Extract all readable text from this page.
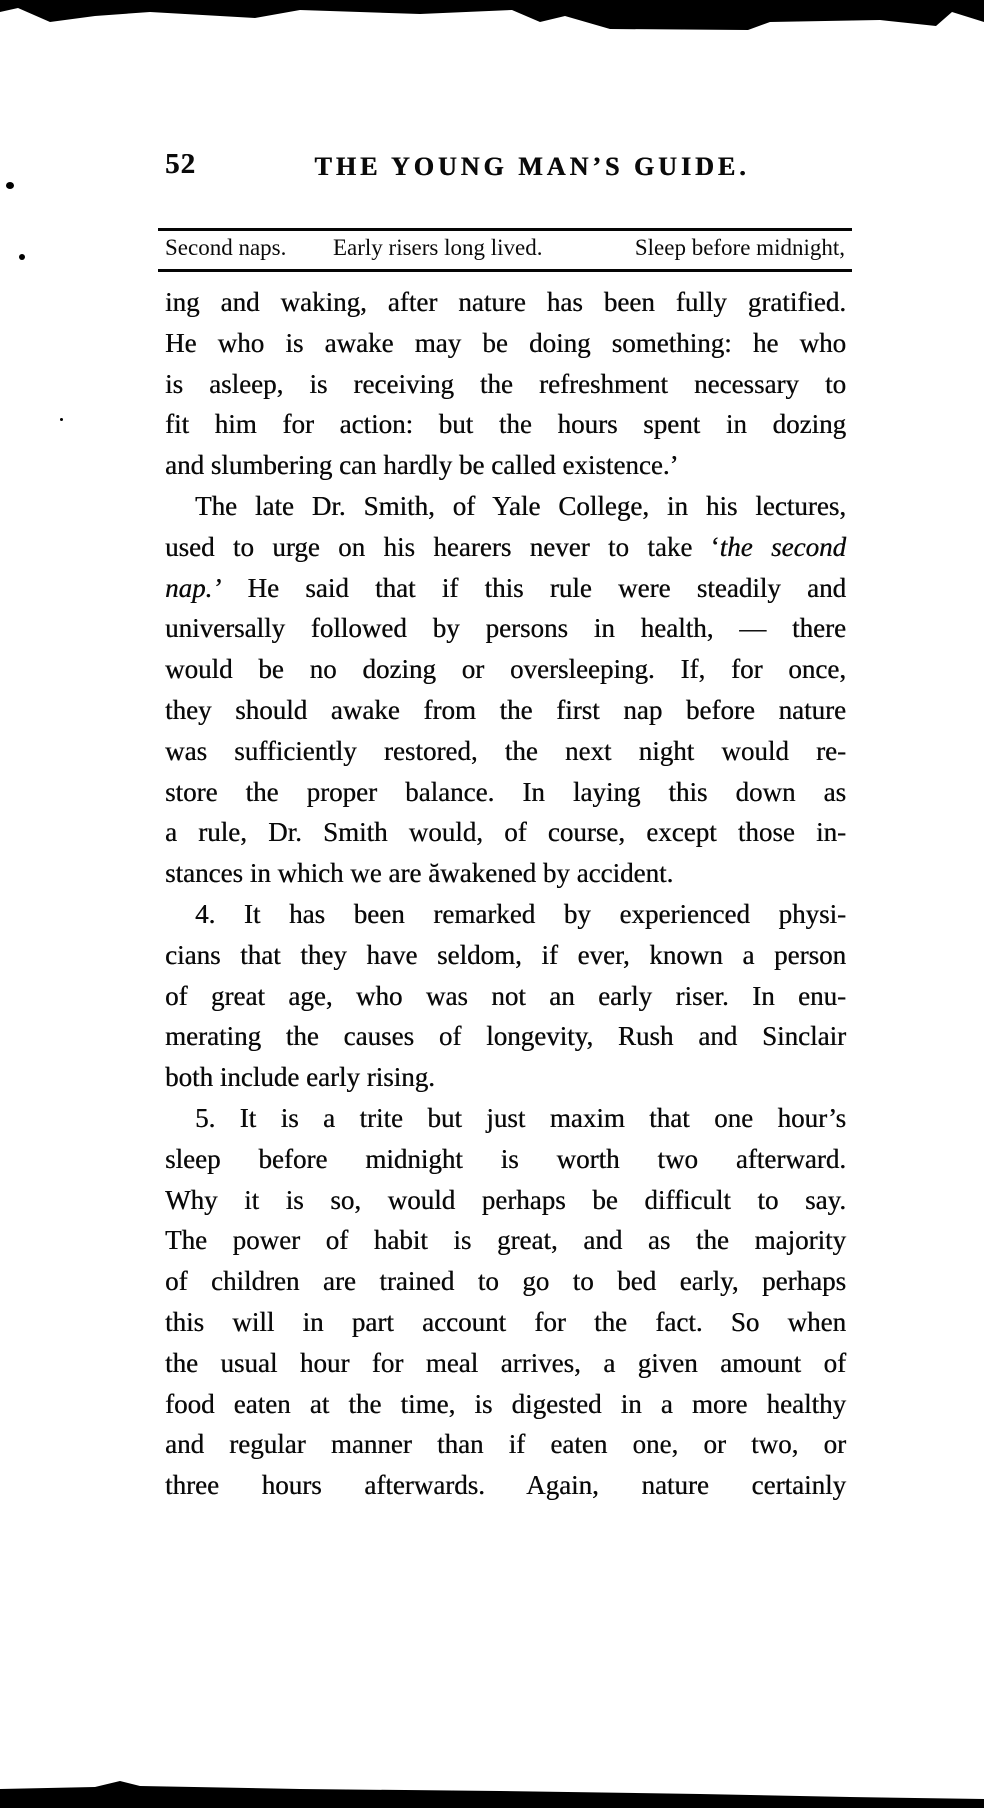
52	THE YOUNG MAN’S GUIDE.
Second naps. Early risers long lived.	Sleep before midnight,
ing and waking, after nature has been fully gratified.
He who is awake may be doing something: he who
is asleep, is receiving the refreshment necessary to
fit him for action: but the hours spent in dozing
and slumbering can hardly be called existence.’
The late Dr. Smith, of Yale College, in his lectures,
used to urge on his hearers never to take ‘the second
nap.’ He said that if this rule were steadily and
universally followed by persons in health, — there
would be no dozing or oversleeping. If, for once,
they should awake from the first nap before nature
was sufficiently restored, the next night would re-
store the proper balance. In laying this down as
a rule, Dr. Smith would, of course, except those in-
stances in which we are ăwakened by accident.
4. It has been remarked by experienced physi-
cians that they have seldom, if ever, known a person
of great age, who was not an early riser. In enu-
merating the causes of longevity, Rush and Sinclair
both include early rising.
5. It is a trite but just maxim that one hour’s
sleep before midnight is worth two afterward.
Why it is so, would perhaps be difficult to say.
The power of habit is great, and as the majority
of children are trained to go to bed early, perhaps
this will in part account for the fact. So when
the usual hour for meal arrives, a given amount of
food eaten at the time, is digested in a more healthy
and regular manner than if eaten one, or two, or
three hours afterwards. Again, nature certainly
